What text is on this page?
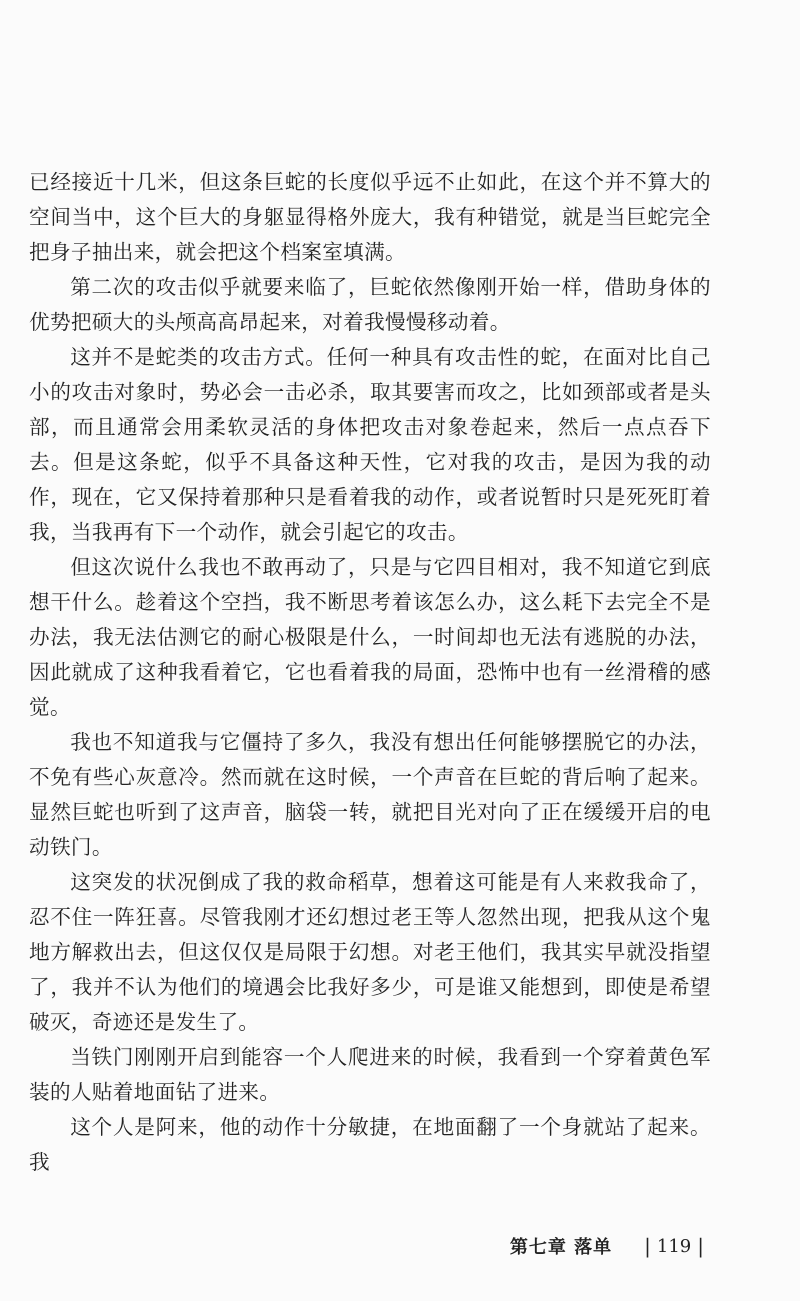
已经接近十几米，但这条巨蛇的长度似乎远不止如此，在这个并不算大的空间当中，这个巨大的身躯显得格外庞大，我有种错觉，就是当巨蛇完全把身子抽出来，就会把这个档案室填满。

第二次的攻击似乎就要来临了，巨蛇依然像刚开始一样，借助身体的优势把硕大的头颅高高昂起来，对着我慢慢移动着。

这并不是蛇类的攻击方式。任何一种具有攻击性的蛇，在面对比自己小的攻击对象时，势必会一击必杀，取其要害而攻之，比如颈部或者是头部，而且通常会用柔软灵活的身体把攻击对象卷起来，然后一点点吞下去。但是这条蛇，似乎不具备这种天性，它对我的攻击，是因为我的动作，现在，它又保持着那种只是看着我的动作，或者说暂时只是死死盯着我，当我再有下一个动作，就会引起它的攻击。

但这次说什么我也不敢再动了，只是与它四目相对，我不知道它到底想干什么。趁着这个空挡，我不断思考着该怎么办，这么耗下去完全不是办法，我无法估测它的耐心极限是什么，一时间却也无法有逃脱的办法，因此就成了这种我看着它，它也看着我的局面，恐怖中也有一丝滑稽的感觉。

我也不知道我与它僵持了多久，我没有想出任何能够摆脱它的办法，不免有些心灰意冷。然而就在这时候，一个声音在巨蛇的背后响了起来。显然巨蛇也听到了这声音，脑袋一转，就把目光对向了正在缓缓开启的电动铁门。

这突发的状况倒成了我的救命稻草，想着这可能是有人来救我命了，忍不住一阵狂喜。尽管我刚才还幻想过老王等人忽然出现，把我从这个鬼地方解救出去，但这仅仅是局限于幻想。对老王他们，我其实早就没指望了，我并不认为他们的境遇会比我好多少，可是谁又能想到，即使是希望破灭，奇迹还是发生了。

当铁门刚刚开启到能容一个人爬进来的时候，我看到一个穿着黄色军装的人贴着地面钻了进来。

这个人是阿来，他的动作十分敏捷，在地面翻了一个身就站了起来。我

第七章 落单 | 119 |
